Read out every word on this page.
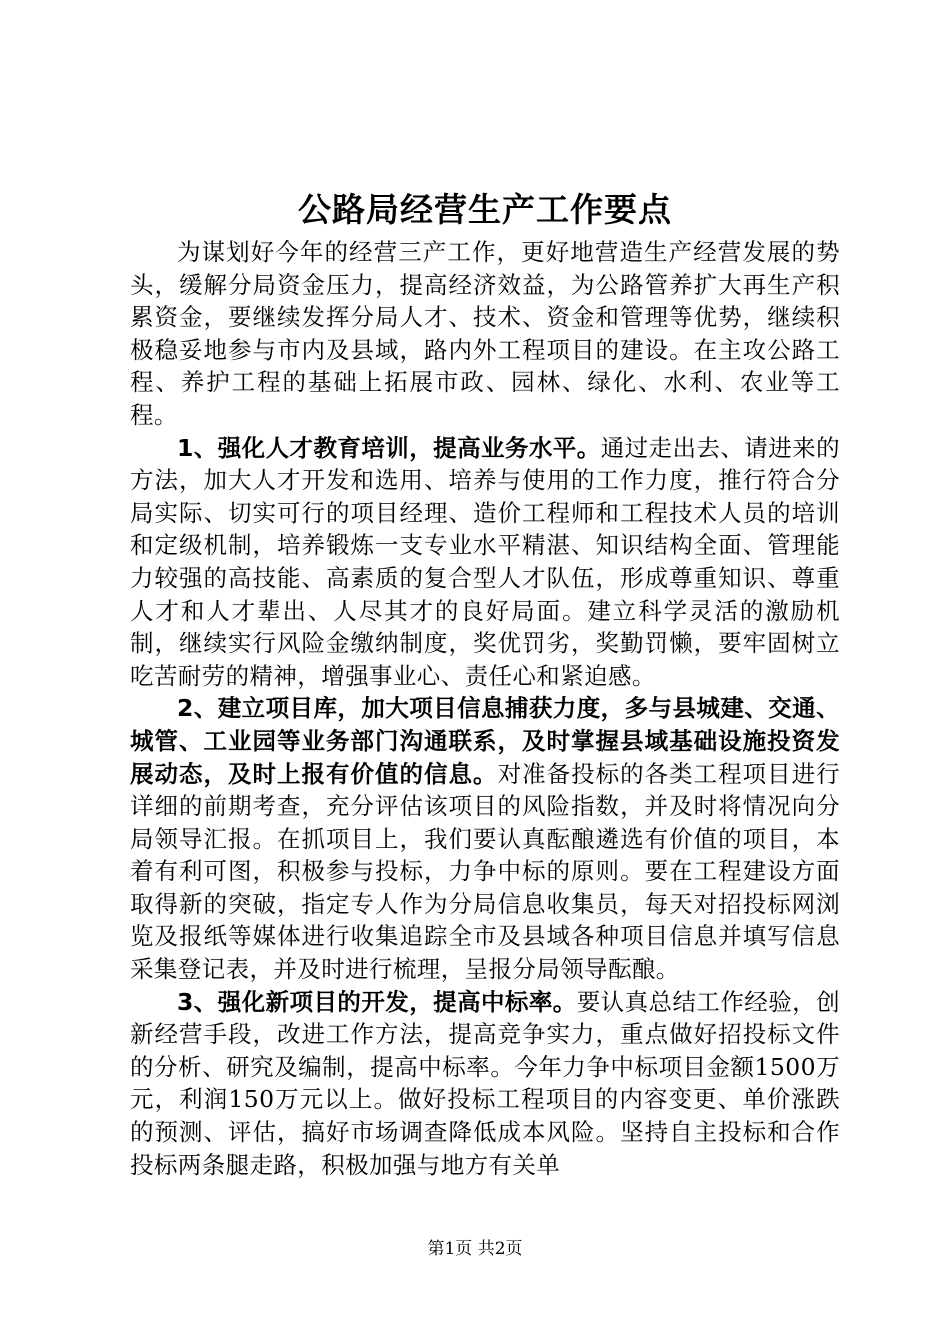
公路局经营生产工作要点

为谋划好今年的经营三产工作，更好地营造生产经营发展的势头，缓解分局资金压力，提高经济效益，为公路管养扩大再生产积累资金，要继续发挥分局人才、技术、资金和管理等优势，继续积极稳妥地参与市内及县域，路内外工程项目的建设。在主攻公路工程、养护工程的基础上拓展市政、园林、绿化、水利、农业等工程。

1、强化人才教育培训，提高业务水平。通过走出去、请进来的方法，加大人才开发和选用、培养与使用的工作力度，推行符合分局实际、切实可行的项目经理、造价工程师和工程技术人员的培训和定级机制，培养锻炼一支专业水平精湛、知识结构全面、管理能力较强的高技能、高素质的复合型人才队伍，形成尊重知识、尊重人才和人才辈出、人尽其才的良好局面。建立科学灵活的激励机制，继续实行风险金缴纳制度，奖优罚劣，奖勤罚懒，要牢固树立吃苦耐劳的精神，增强事业心、责任心和紧迫感。

2、建立项目库，加大项目信息捕获力度，多与县城建、交通、城管、工业园等业务部门沟通联系，及时掌握县域基础设施投资发展动态，及时上报有价值的信息。对准备投标的各类工程项目进行详细的前期考查，充分评估该项目的风险指数，并及时将情况向分局领导汇报。在抓项目上，我们要认真酝酿遴选有价值的项目，本着有利可图，积极参与投标，力争中标的原则。要在工程建设方面取得新的突破，指定专人作为分局信息收集员，每天对招投标网浏览及报纸等媒体进行收集追踪全市及县域各种项目信息并填写信息采集登记表，并及时进行梳理，呈报分局领导酝酿。

3、强化新项目的开发，提高中标率。要认真总结工作经验，创新经营手段，改进工作方法，提高竞争实力，重点做好招投标文件的分析、研究及编制，提高中标率。今年力争中标项目金额1500万元，利润150万元以上。做好投标工程项目的内容变更、单价涨跌的预测、评估，搞好市场调查降低成本风险。坚持自主投标和合作投标两条腿走路，积极加强与地方有关单

第1页 共2页
